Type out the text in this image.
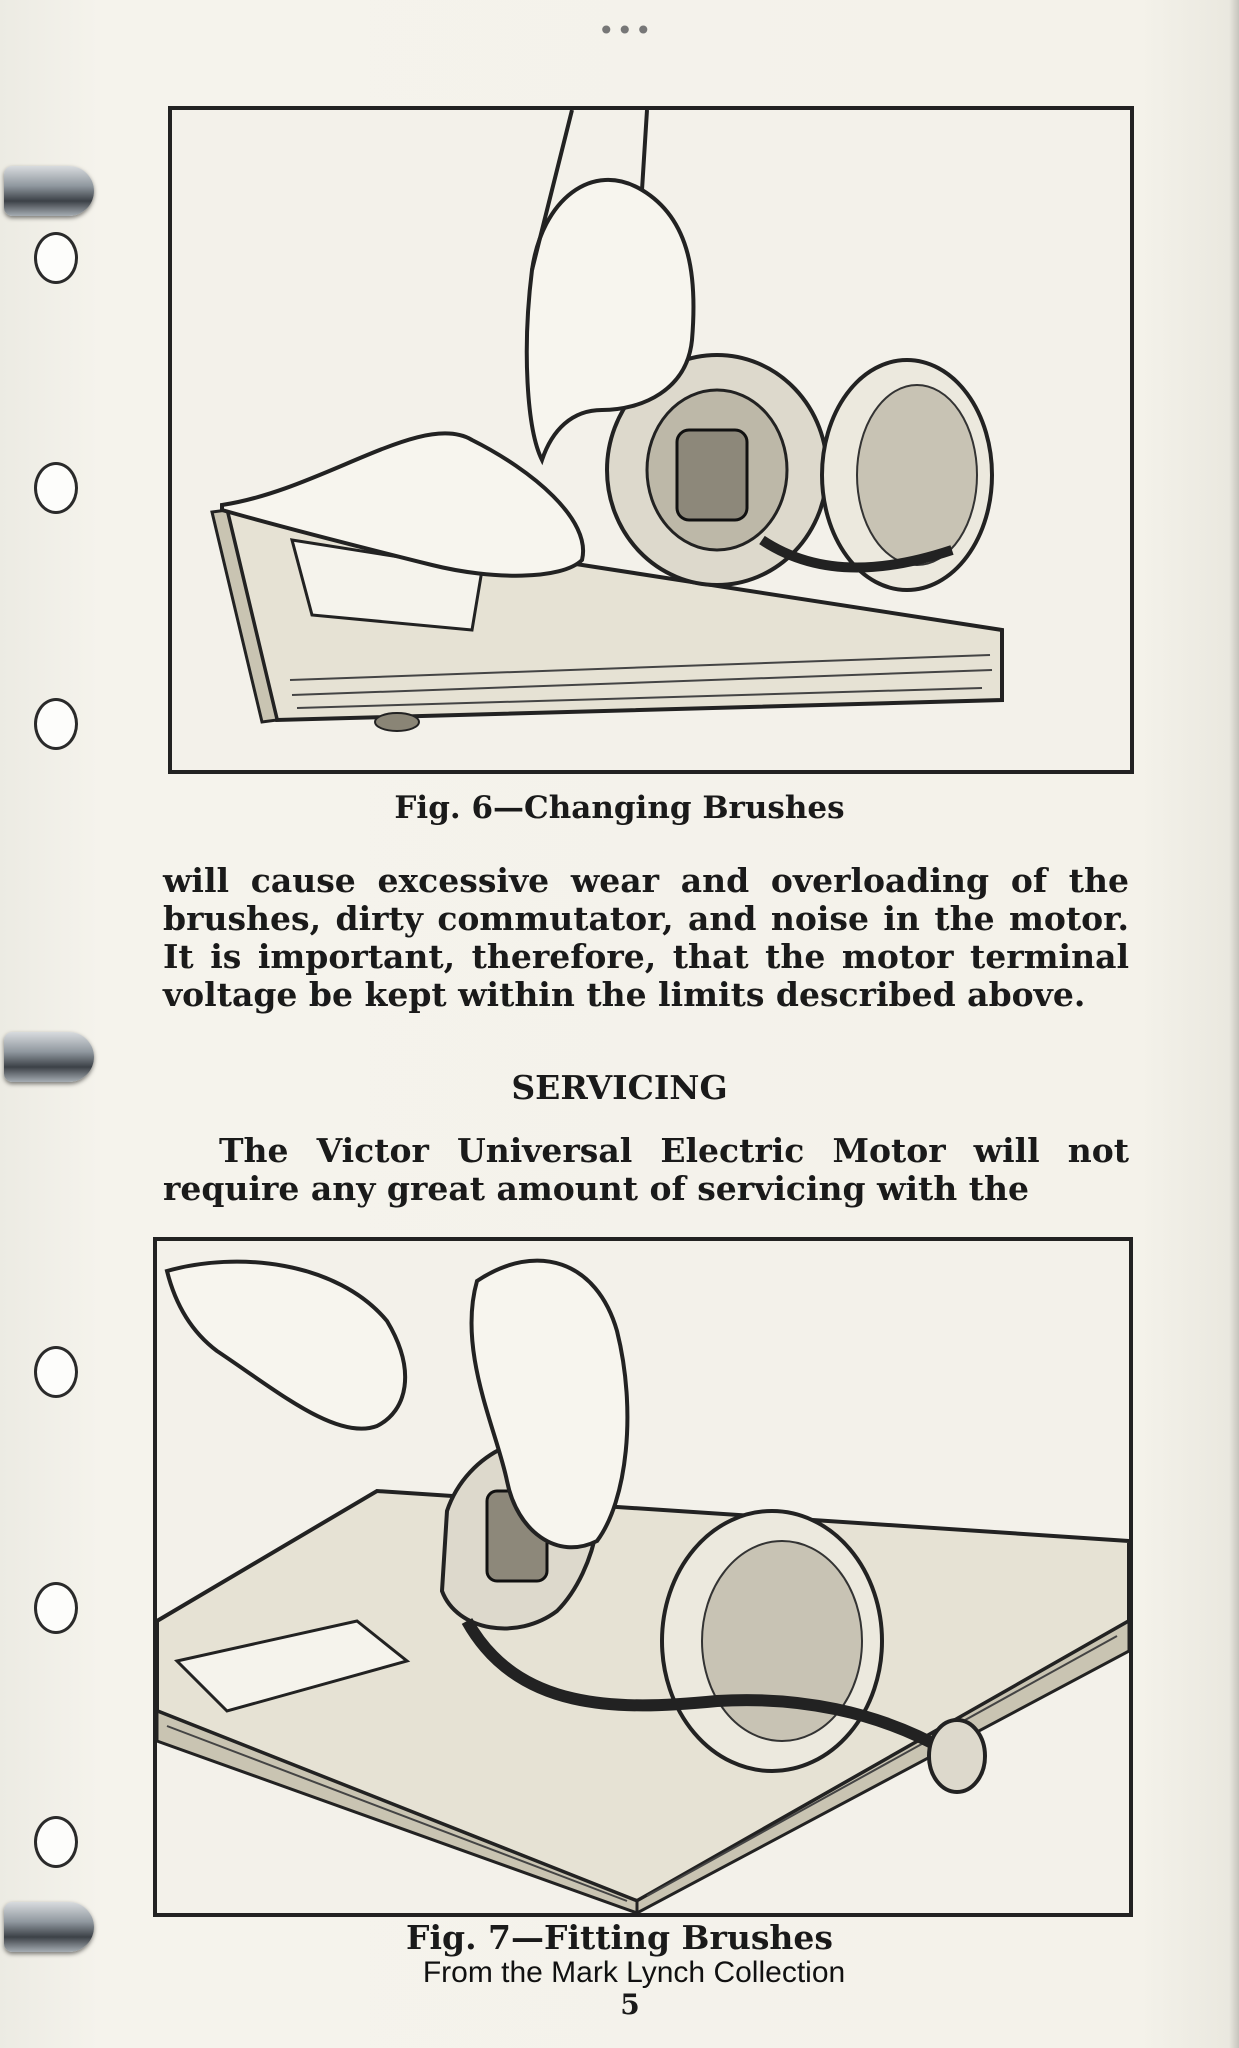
•••
Fig. 6—Changing Brushes
will cause excessive wear and overloading of the brushes, dirty commutator, and noise in the motor. It is important, therefore, that the motor terminal voltage be kept within the limits described above.
SERVICING
The Victor Universal Electric Motor will not require any great amount of servicing with the
Fig. 7—Fitting Brushes
From the Mark Lynch Collection
5
